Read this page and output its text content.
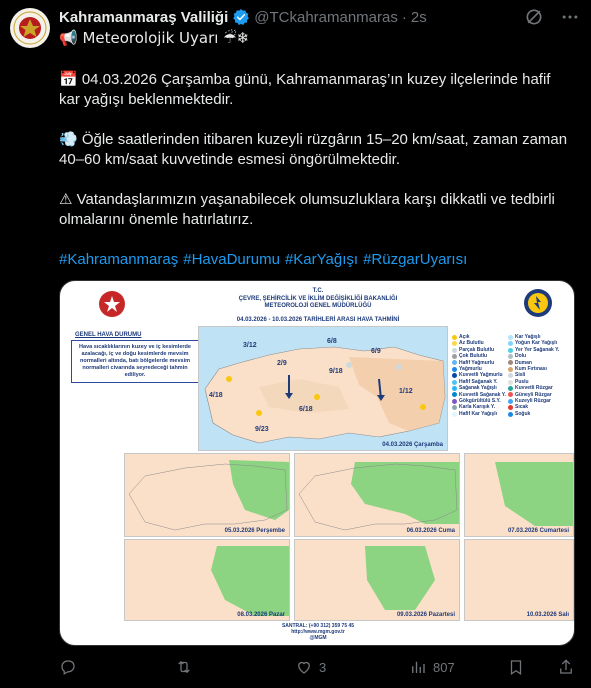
Kahramanmaraş Valiliği @TCkahramanmaras · 2s
📢 Meteorolojik Uyarı ☔❄
📅 04.03.2026 Çarşamba günü, Kahramanmaraş’ın kuzey ilçelerinde hafif
kar yağışı beklenmektedir.
💨 Öğle saatlerinden itibaren kuzeyli rüzgârın 15–20 km/saat, zaman zaman
40–60 km/saat kuvvetinde esmesi öngörülmektedir.
⚠ Vatandaşlarımızın yaşanabilecek olumsuzluklara karşı dikkatli ve tedbirli
olmalarını önemle hatırlatırız.
#Kahramanmaraş #HavaDurumu #KarYağışı #RüzgarUyarısı
T.C.
ÇEVRE, ŞEHİRCİLİK VE İKLİM DEĞİŞİKLİĞİ BAKANLIĞI
METEOROLOJİ GENEL MÜDÜRLÜĞÜ
04.03.2026 - 10.03.2026 TARİHLERİ ARASI HAVA TAHMİNİ
GENEL HAVA DURUMU
Hava sıcaklıklarının kuzey ve iç kesimlerde azalacağı, iç ve doğu kesimlerde mevsim normalleri altında, batı bölgelerde mevsim normalleri civarında seyredeceği tahmin ediliyor.
3/12
6/8
6/9
2/9
9/18
4/18
9/23
6/18
1/12
04.03.2026 Çarşamba
Açık
Az Bulutlu
Parçalı Bulutlu
Çok Bulutlu
Hafif Yağmurlu
Yağmurlu
Kuvvetli Yağmurlu
Hafif Sağanak Y.
Sağanak Yağışlı
Kuvvetli Sağanak Y.
Gökgürültülü S.Y.
Karla Karışık Y.
Hafif Kar Yağışlı
Kar Yağışlı
Yoğun Kar Yağışlı
Yer Yer Sağanak Y.
Dolu
Duman
Kum Fırtınası
Sisli
Puslu
Kuvvetli Rüzgar
Güneyli Rüzgar
Kuzeyli Rüzgar
Sıcak
Soğuk
05.03.2026 Perşembe	06.03.2026 Cuma	07.03.2026 Cumartesi
08.03.2026 Pazar	09.03.2026 Pazartesi	10.03.2026 Salı
SANTRAL: (+90 312) 359 75 45
http://www.mgm.gov.tr
@MGM
3	807
